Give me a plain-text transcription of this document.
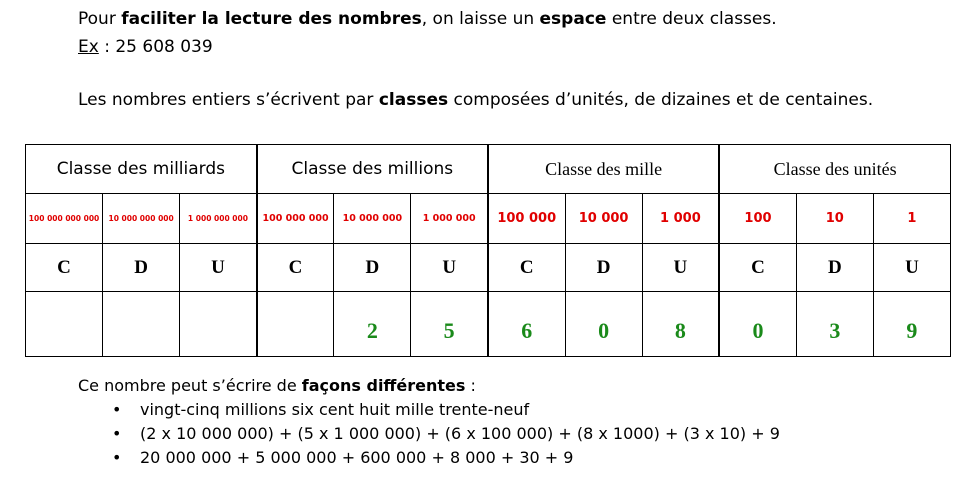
Pour faciliter la lecture des nombres, on laisse un espace entre deux classes.
Ex : 25 608 039
Les nombres entiers s’écrivent par classes composées d’unités, de dizaines et de centaines.
Classe des milliards			Classe des millions			Classe des mille			Classe des unités		
100 000 000 000	10 000 000 000	1 000 000 000	100 000 000	10 000 000	1 000 000	100 000	10 000	1 000	100	10	1
C	D	U	C	D	U	C	D	U	C	D	U
				2	5	6	0	8	0	3	9
Ce nombre peut s’écrire de façons différentes :
• vingt-cinq millions six cent huit mille trente-neuf
• (2 x 10 000 000) + (5 x 1 000 000) + (6 x 100 000) + (8 x 1000) + (3 x 10) + 9
• 20 000 000 + 5 000 000 + 600 000 + 8 000 + 30 + 9
